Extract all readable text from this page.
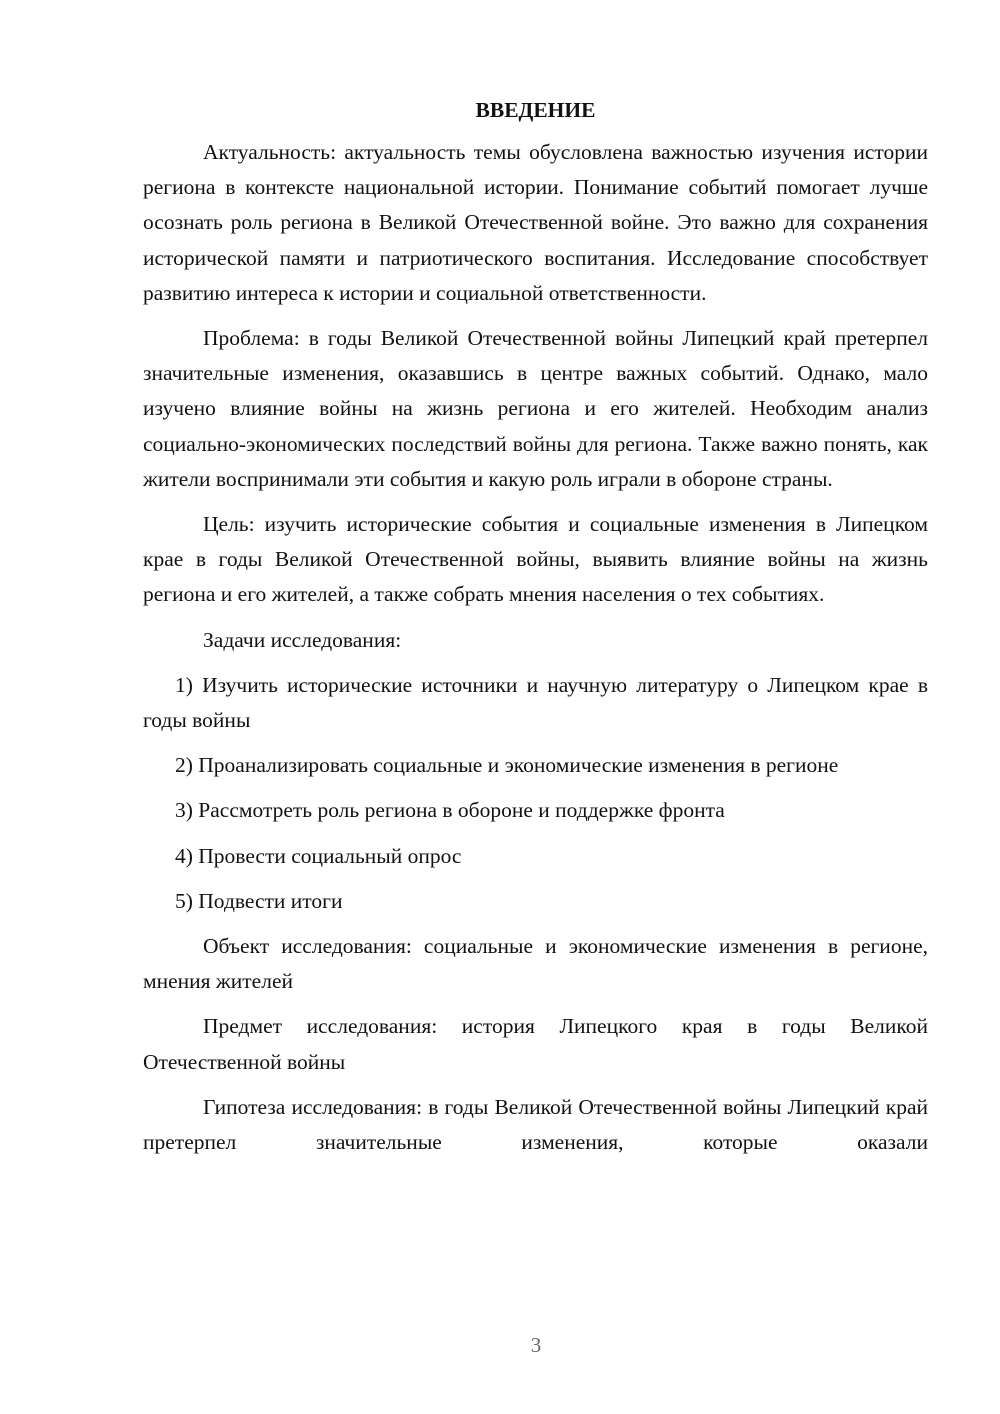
ВВЕДЕНИЕ

Актуальность: актуальность темы обусловлена важностью изучения истории региона в контексте национальной истории. Понимание событий помогает лучше осознать роль региона в Великой Отечественной войне. Это важно для сохранения исторической памяти и патриотического воспитания. Исследование способствует развитию интереса к истории и социальной ответственности.

Проблема: в годы Великой Отечественной войны Липецкий край претерпел значительные изменения, оказавшись в центре важных событий. Однако, мало изучено влияние войны на жизнь региона и его жителей. Необходим анализ социально-экономических последствий войны для региона. Также важно понять, как жители воспринимали эти события и какую роль играли в обороне страны.

Цель: изучить исторические события и социальные изменения в Липецком крае в годы Великой Отечественной войны, выявить влияние войны на жизнь региона и его жителей, а также собрать мнения населения о тех событиях.

Задачи исследования:

1) Изучить исторические источники и научную литературу о Липецком крае в годы войны

2) Проанализировать социальные и экономические изменения в регионе

3) Рассмотреть роль региона в обороне и поддержке фронта

4) Провести социальный опрос

5) Подвести итоги

Объект исследования: социальные и экономические изменения в регионе, мнения жителей

Предмет исследования: история Липецкого края в годы Великой Отечественной войны

Гипотеза исследования: в годы Великой Отечественной войны Липецкий край претерпел значительные изменения, которые оказали

3
